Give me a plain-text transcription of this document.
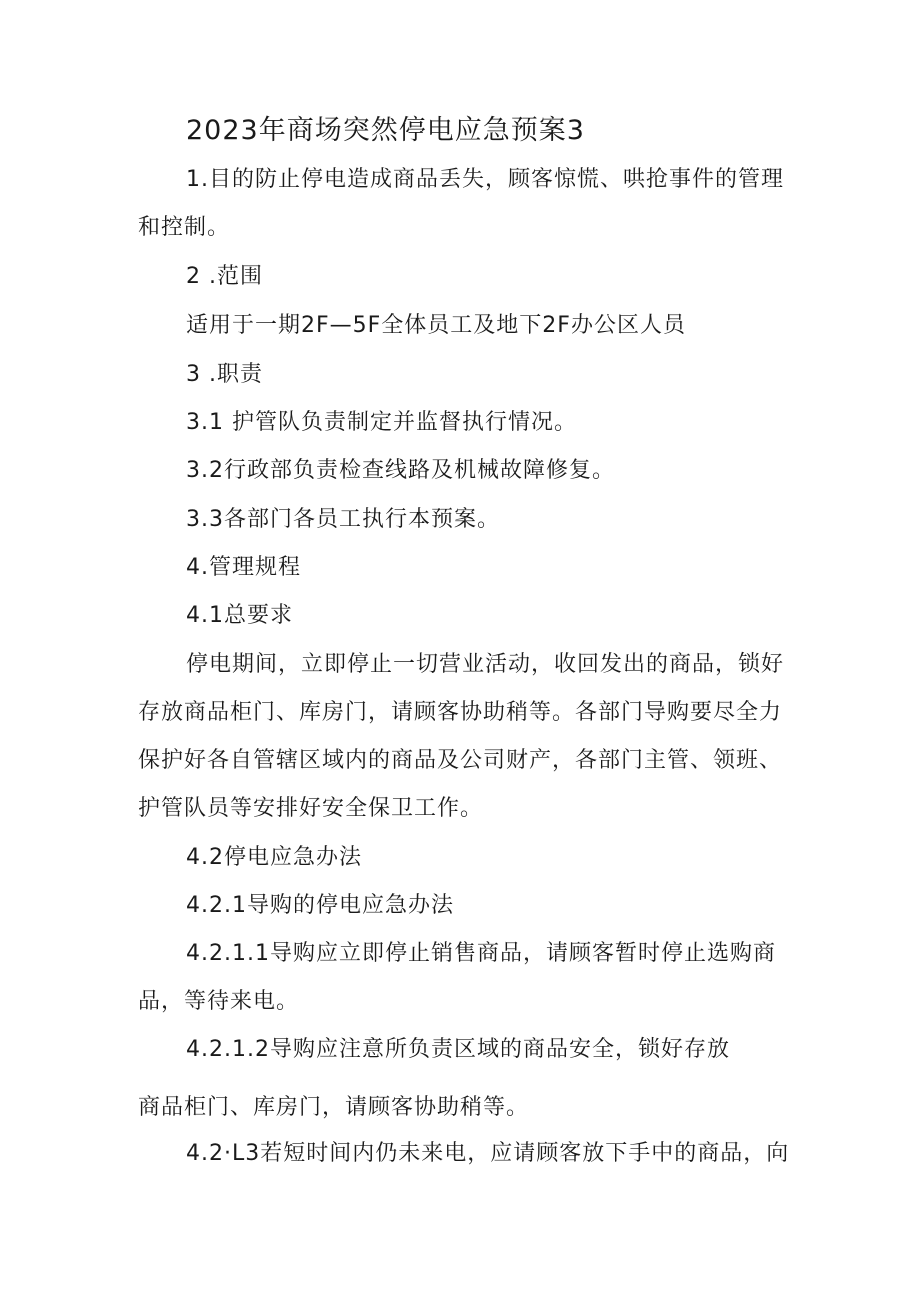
2023年商场突然停电应急预案3
1.目的防止停电造成商品丢失，顾客惊慌、哄抢事件的管理
和控制。
2 .范围
适用于一期2F—5F全体员工及地下2F办公区人员
3 .职责
3.1 护管队负责制定并监督执行情况。
3.2行政部负责检查线路及机械故障修复。
3.3各部门各员工执行本预案。
4.管理规程
4.1总要求
停电期间，立即停止一切营业活动，收回发出的商品，锁好
存放商品柜门、库房门，请顾客协助稍等。各部门导购要尽全力
保护好各自管辖区域内的商品及公司财产，各部门主管、领班、
护管队员等安排好安全保卫工作。
4.2停电应急办法
4.2.1导购的停电应急办法
4.2.1.1导购应立即停止销售商品，请顾客暂时停止选购商
品，等待来电。
4.2.1.2导购应注意所负责区域的商品安全，锁好存放
商品柜门、库房门，请顾客协助稍等。
4.2·L3若短时间内仍未来电，应请顾客放下手中的商品，向
